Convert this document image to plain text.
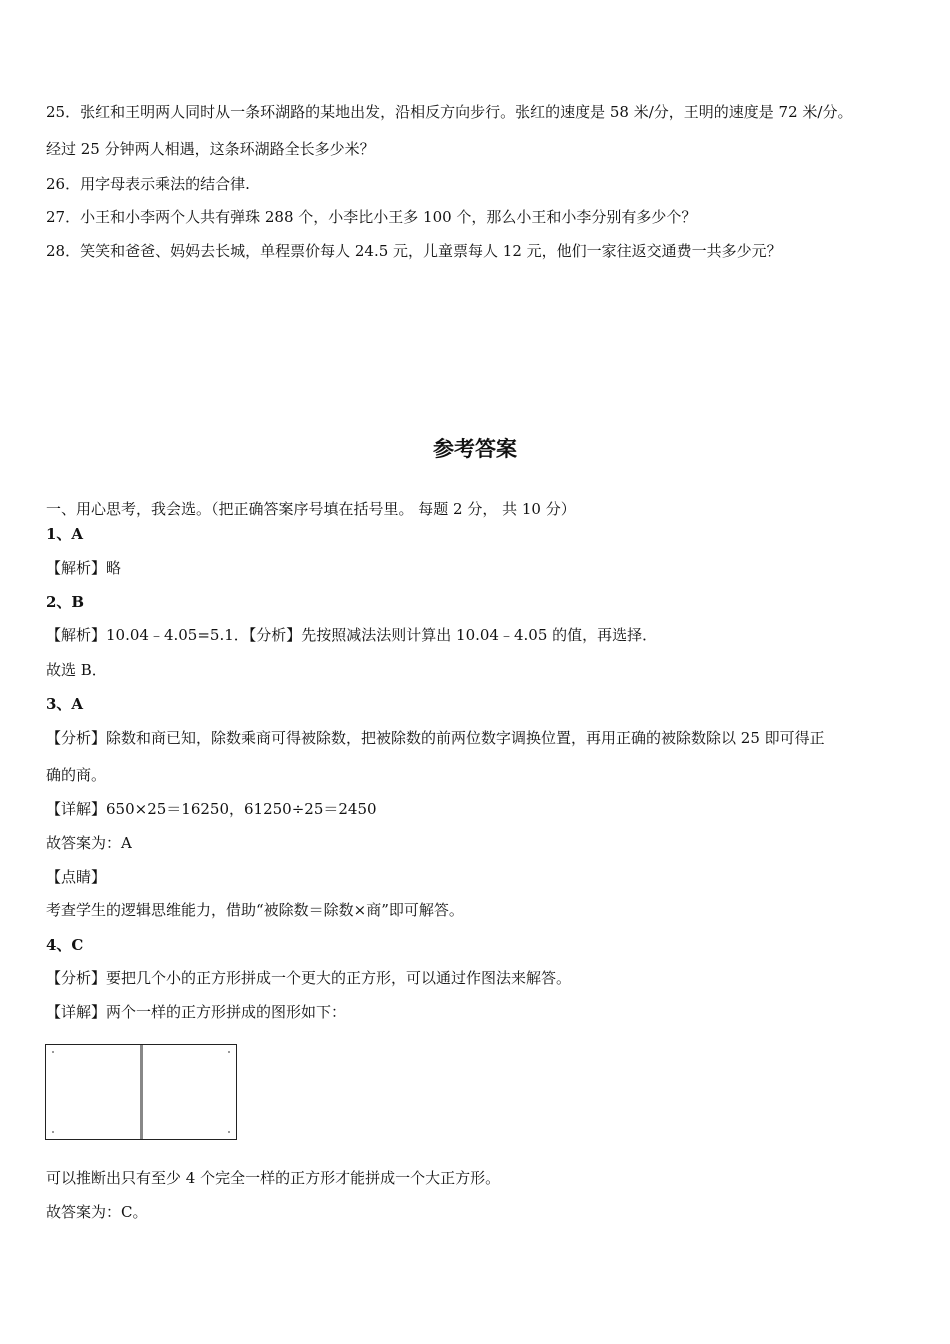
25．张红和王明两人同时从一条环湖路的某地出发，沿相反方向步行。张红的速度是 58 米/分，王明的速度是 72 米/分。
经过 25 分钟两人相遇，这条环湖路全长多少米？
26．用字母表示乘法的结合律.
27．小王和小李两个人共有弹珠 288 个，小李比小王多 100 个，那么小王和小李分别有多少个？
28．笑笑和爸爸、妈妈去长城，单程票价每人 24.5 元，儿童票每人 12 元，他们一家往返交通费一共多少元？
参考答案
一、用心思考，我会选。（把正确答案序号填在括号里。 每题 2 分， 共 10 分）
1、A
【解析】略
2、B
【解析】10.04﹣4.05=5.1．【分析】先按照减法法则计算出 10.04﹣4.05 的值，再选择．
故选 B．
3、A
【分析】除数和商已知，除数乘商可得被除数，把被除数的前两位数字调换位置，再用正确的被除数除以 25 即可得正
确的商。
【详解】650×25＝16250，61250÷25＝2450
故答案为：A
【点睛】
考查学生的逻辑思维能力，借助“被除数＝除数×商”即可解答。
4、C
【分析】要把几个小的正方形拼成一个更大的正方形，可以通过作图法来解答。
【详解】两个一样的正方形拼成的图形如下：
可以推断出只有至少 4 个完全一样的正方形才能拼成一个大正方形。
故答案为：C。
